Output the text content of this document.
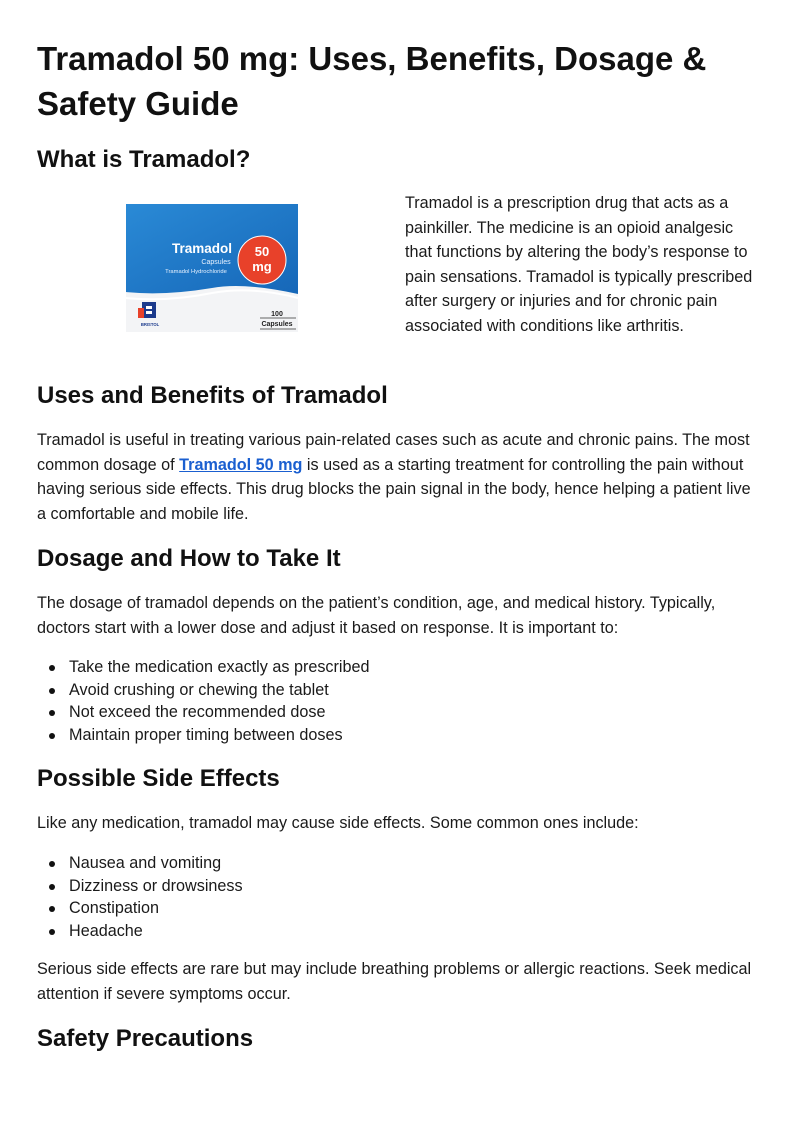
Tramadol 50 mg: Uses, Benefits, Dosage & Safety Guide
What is Tramadol?
Tramadol
Capsules
Tramadol Hydrochloride
50
mg
BRISTOL
100
Capsules

Tramadol is a prescription drug that acts as a painkiller. The medicine is an opioid analgesic that functions by altering the body’s response to pain sensations. Tramadol is typically prescribed after surgery or injuries and for chronic pain associated with conditions like arthritis.

Uses and Benefits of Tramadol

Tramadol is useful in treating various pain-related cases such as acute and chronic pains. The most common dosage of Tramadol 50 mg is used as a starting treatment for controlling the pain without having serious side effects. This drug blocks the pain signal in the body, hence helping a patient live a comfortable and mobile life.

Dosage and How to Take It

The dosage of tramadol depends on the patient’s condition, age, and medical history. Typically, doctors start with a lower dose and adjust it based on response. It is important to:

Take the medication exactly as prescribed
Avoid crushing or chewing the tablet
Not exceed the recommended dose
Maintain proper timing between doses
Possible Side Effects

Like any medication, tramadol may cause side effects. Some common ones include:

Nausea and vomiting
Dizziness or drowsiness
Constipation
Headache

Serious side effects are rare but may include breathing problems or allergic reactions. Seek medical attention if severe symptoms occur.

Safety Precautions
